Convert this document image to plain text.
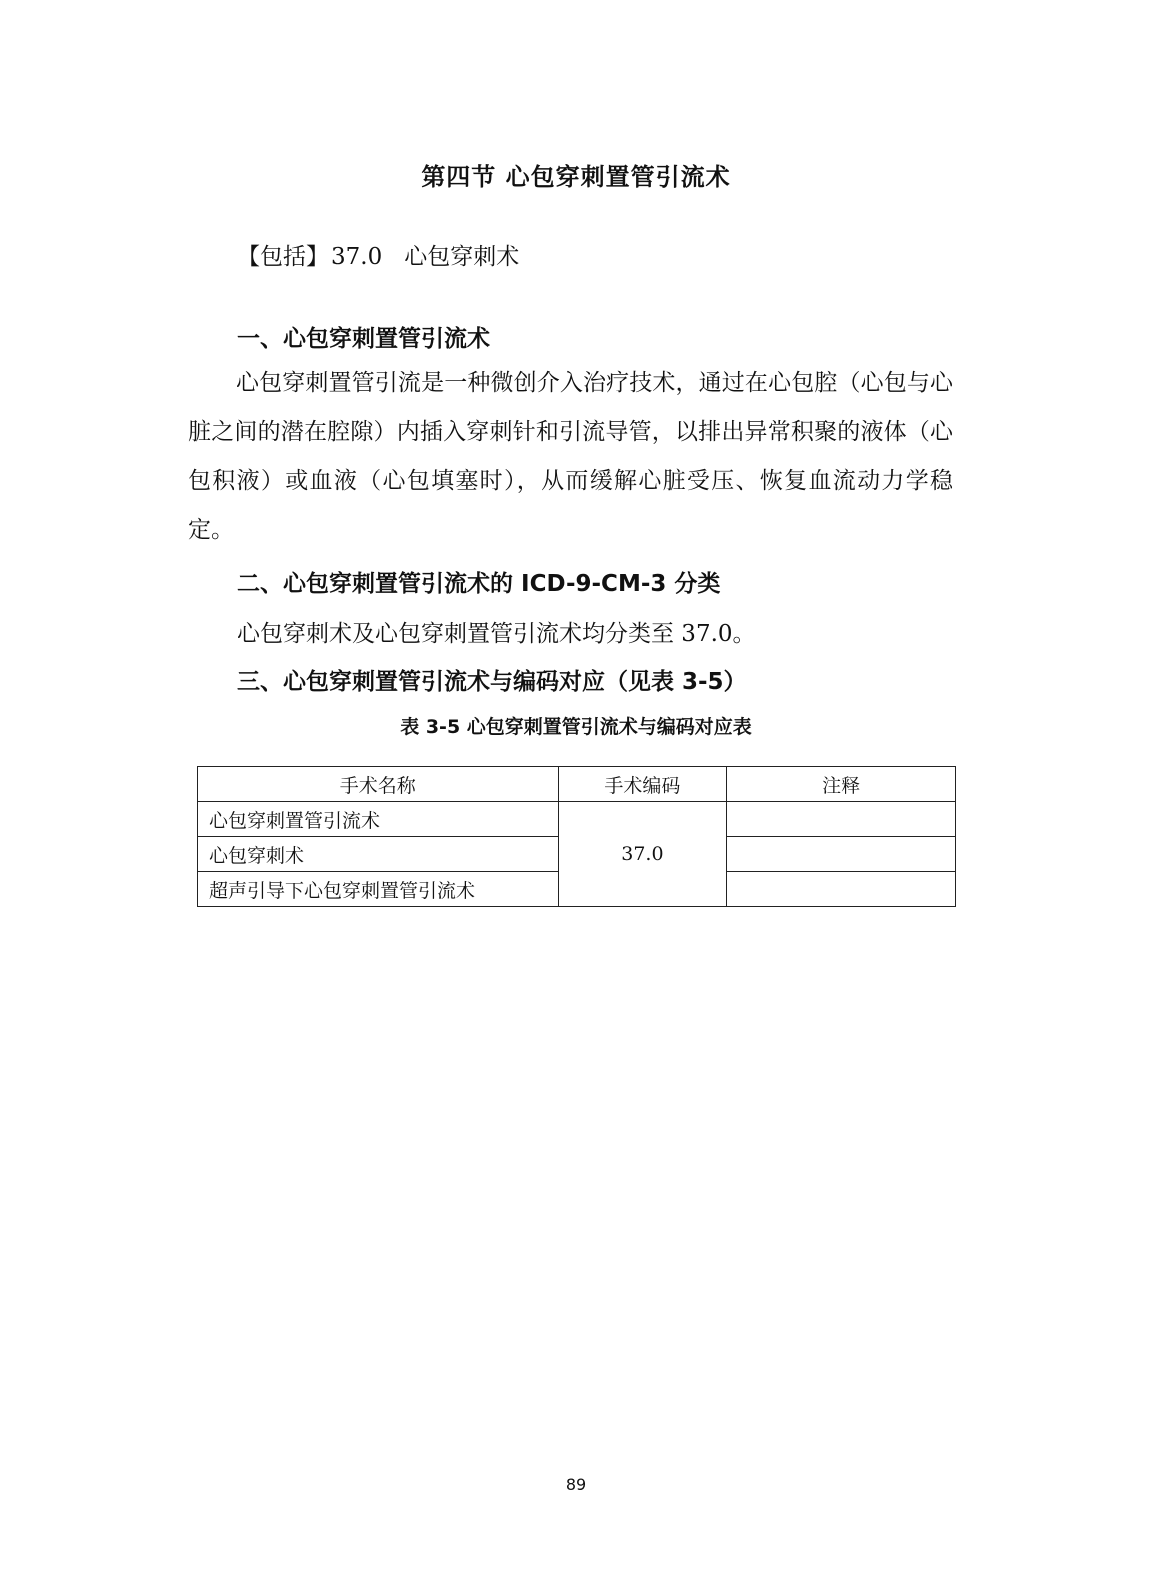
第四节 心包穿刺置管引流术
【包括】37.0 心包穿刺术
一、心包穿刺置管引流术
心包穿刺置管引流是一种微创介入治疗技术，通过在心包腔（心包与心脏之间的潜在腔隙）内插入穿刺针和引流导管，以排出异常积聚的液体（心包积液）或血液（心包填塞时），从而缓解心脏受压、恢复血流动力学稳定。
二、心包穿刺置管引流术的 ICD-9-CM-3 分类
心包穿刺术及心包穿刺置管引流术均分类至 37.0。
三、心包穿刺置管引流术与编码对应（见表 3-5）
表 3-5 心包穿刺置管引流术与编码对应表
手术名称	手术编码	注释
心包穿刺置管引流术	37.0	
心包穿刺术		
超声引导下心包穿刺置管引流术		
89
